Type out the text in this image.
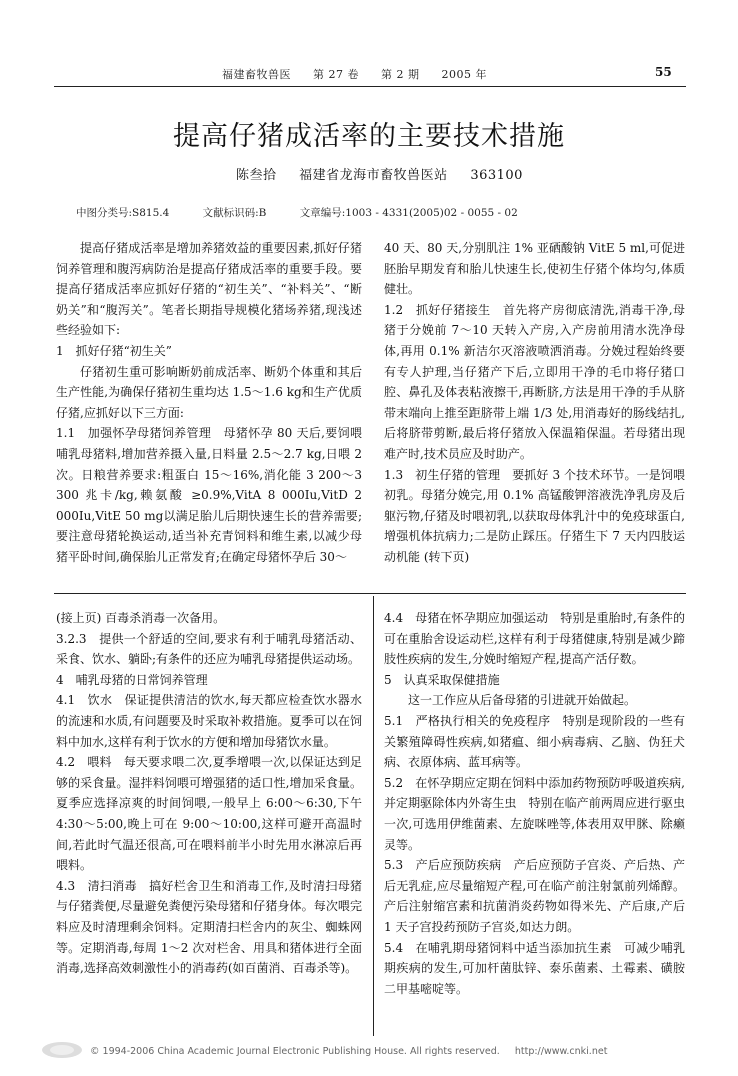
福建畜牧兽医 第 27 卷 第 2 期 2005 年	55
提高仔猪成活率的主要技术措施
陈叁拾 福建省龙海市畜牧兽医站 363100
中图分类号:S815.4	文献标识码:B	文章编号:1003 - 4331(2005)02 - 0055 - 02

提高仔猪成活率是增加养猪效益的重要因素,抓好仔猪饲养管理和腹泻病防治是提高仔猪成活率的重要手段。要提高仔猪成活率应抓好仔猪的“初生关”、“补料关”、“断奶关”和“腹泻关”。笔者长期指导规模化猪场养猪,现浅述些经验如下:

1　抓好仔猪“初生关”

仔猪初生重可影响断奶前成活率、断奶个体重和其后生产性能,为确保仔猪初生重均达 1.5～1.6 kg和生产优质仔猪,应抓好以下三方面:

1.1　加强怀孕母猪饲养管理　母猪怀孕 80 天后,要饲喂哺乳母猪料,增加营养摄入量,日料量 2.5～2.7 kg,日喂 2 次。日粮营养要求:粗蛋白 15～16%,消化能 3 200～3 300 兆卡/kg,赖氨酸 ≥0.9%,VitA 8 000Iu,VitD 2 000Iu,VitE 50 mg以满足胎儿后期快速生长的营养需要;要注意母猪轮换运动,适当补充青饲料和维生素,以减少母猪平卧时间,确保胎儿正常发育;在确定母猪怀孕后 30～

40 天、80 天,分别肌注 1% 亚硒酸钠 VitE 5 ml,可促进胚胎早期发育和胎儿快速生长,使初生仔猪个体均匀,体质健壮。

1.2　抓好仔猪接生　首先将产房彻底清洗,消毒干净,母猪于分娩前 7～10 天转入产房,入产房前用清水洗净母体,再用 0.1% 新洁尔灭溶液喷洒消毒。分娩过程始终要有专人护理,当仔猪产下后,立即用干净的毛巾将仔猪口腔、鼻孔及体表粘液擦干,再断脐,方法是用干净的手从脐带末端向上推至距脐带上端 1/3 处,用消毒好的肠线结扎,后将脐带剪断,最后将仔猪放入保温箱保温。若母猪出现难产时,技术员应及时助产。

1.3　初生仔猪的管理　要抓好 3 个技术环节。一是饲喂初乳。母猪分娩完,用 0.1% 高锰酸钾溶液洗净乳房及后躯污物,仔猪及时喂初乳,以获取母体乳汁中的免疫球蛋白,增强机体抗病力;二是防止踩压。仔猪生下 7 天内四肢运动机能 (转下页)

(接上页) 百毒杀消毒一次备用。

3.2.3　提供一个舒适的空间,要求有利于哺乳母猪活动、采食、饮水、躺卧;有条件的还应为哺乳母猪提供运动场。

4　哺乳母猪的日常饲养管理

4.1　饮水　保证提供清洁的饮水,每天都应检查饮水器水的流速和水质,有问题要及时采取补救措施。夏季可以在饲料中加水,这样有利于饮水的方便和增加母猪饮水量。

4.2　喂料　每天要求喂二次,夏季增喂一次,以保证达到足够的采食量。湿拌料饲喂可增强猪的适口性,增加采食量。夏季应选择凉爽的时间饲喂,一般早上 6:00～6:30,下午 4:30～5:00,晚上可在 9:00～10:00,这样可避开高温时间,若此时气温还很高,可在喂料前半小时先用水淋凉后再喂料。

4.3　清扫消毒　搞好栏舍卫生和消毒工作,及时清扫母猪与仔猪粪便,尽量避免粪便污染母猪和仔猪身体。每次喂完料应及时清理剩余饲料。定期清扫栏舍内的灰尘、蜘蛛网等。定期消毒,每周 1～2 次对栏舍、用具和猪体进行全面消毒,选择高效刺激性小的消毒药(如百菌消、百毒杀等)。

4.4　母猪在怀孕期应加强运动　特别是重胎时,有条件的可在重胎舍设运动栏,这样有利于母猪健康,特别是减少蹄肢性疾病的发生,分娩时缩短产程,提高产活仔数。

5　认真采取保健措施

这一工作应从后备母猪的引进就开始做起。

5.1　严格执行相关的免疫程序　特别是现阶段的一些有关繁殖障碍性疾病,如猪瘟、细小病毒病、乙脑、伪狂犬病、衣原体病、蓝耳病等。

5.2　在怀孕期应定期在饲料中添加药物预防呼吸道疾病,并定期驱除体内外寄生虫　特别在临产前两周应进行驱虫一次,可选用伊维菌素、左旋咪唑等,体表用双甲脒、除癞灵等。

5.3　产后应预防疾病　产后应预防子宫炎、产后热、产后无乳症,应尽量缩短产程,可在临产前注射氯前列烯醇。产后注射缩宫素和抗菌消炎药物如得米先、产后康,产后 1 天子宫投药预防子宫炎,如达力朗。

5.4　在哺乳期母猪饲料中适当添加抗生素　可减少哺乳期疾病的发生,可加杆菌肽锌、泰乐菌素、土霉素、磺胺二甲基嘧啶等。

© 1994-2006 China Academic Journal Electronic Publishing House. All rights reserved. http://www.cnki.net
